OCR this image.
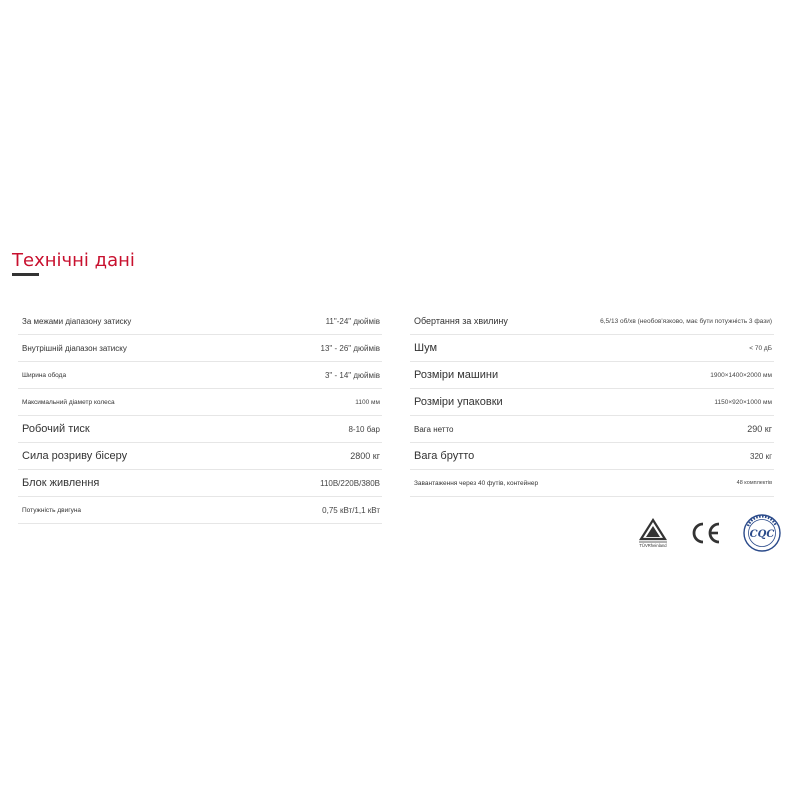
Технічні дані
За межами діапазону затиску	11"-24" дюймів
Внутрішній діапазон затиску	13" - 26" дюймів
Ширина обода	3" - 14" дюймів
Максимальний діаметр колеса	1100 мм
Робочий тиск	8-10 бар
Сила розриву бісеру	2800 кг
Блок живлення	110В/220В/380В
Потужність двигуна	0,75 кВт/1,1 кВт
Обертання за хвилину	6,5/13 об/хв (необов'язково, має бути потужність 3 фази)
Шум	< 70 дБ
Розміри машини	1900×1400×2000 мм
Розміри упаковки	1150×920×1000 мм
Вага нетто	290 кг
Вага брутто	320 кг
Завантаження через 40 футів, контейнер	48 комплектів
TÜVRheinland
CQC
